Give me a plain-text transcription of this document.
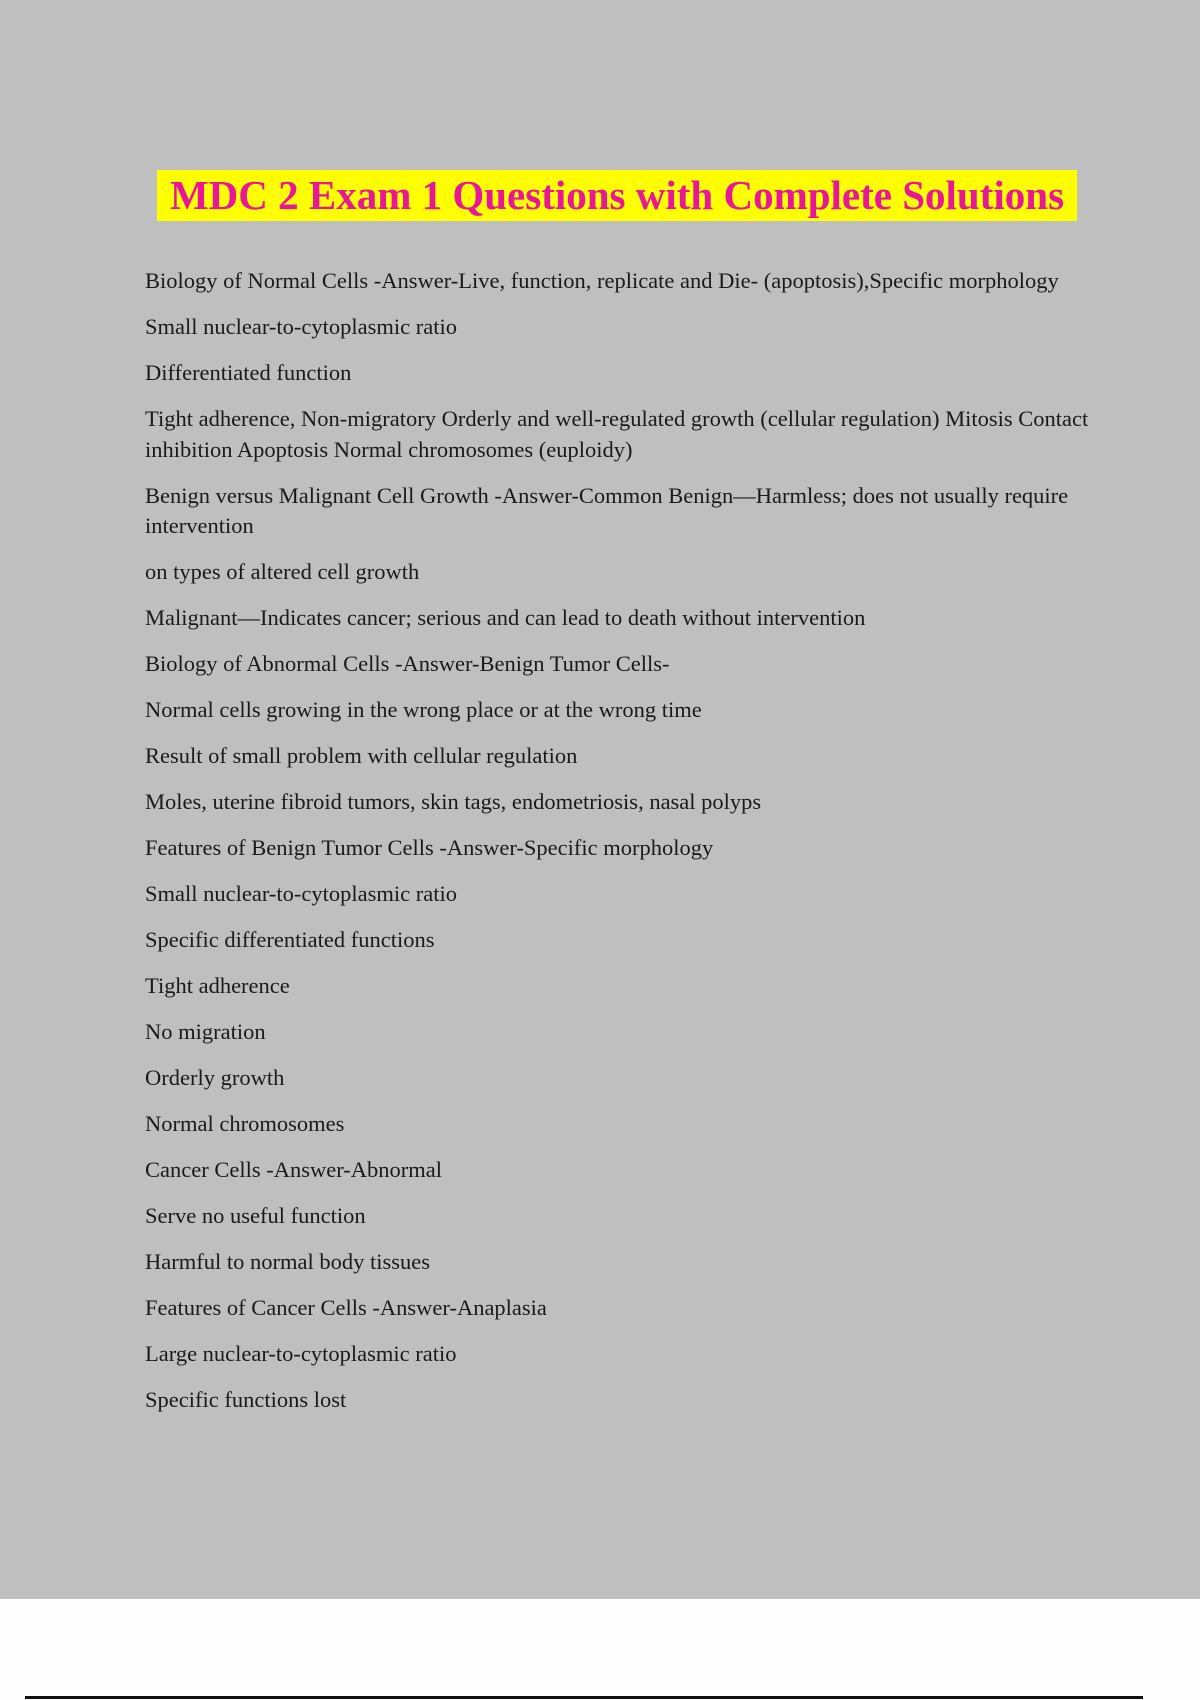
MDC 2 Exam 1 Questions with Complete Solutions

Biology of Normal Cells -Answer-Live, function, replicate and Die- (apoptosis),Specific morphology

Small nuclear-to-cytoplasmic ratio

Differentiated function

Tight adherence, Non-migratory Orderly and well-regulated growth (cellular regulation) Mitosis Contact inhibition Apoptosis Normal chromosomes (euploidy)

Benign versus Malignant Cell Growth -Answer-Common Benign—Harmless; does not usually require intervention

on types of altered cell growth

Malignant—Indicates cancer; serious and can lead to death without intervention

Biology of Abnormal Cells -Answer-Benign Tumor Cells-

Normal cells growing in the wrong place or at the wrong time

Result of small problem with cellular regulation

Moles, uterine fibroid tumors, skin tags, endometriosis, nasal polyps

Features of Benign Tumor Cells -Answer-Specific morphology

Small nuclear-to-cytoplasmic ratio

Specific differentiated functions

Tight adherence

No migration

Orderly growth

Normal chromosomes

Cancer Cells -Answer-Abnormal

Serve no useful function

Harmful to normal body tissues

Features of Cancer Cells -Answer-Anaplasia

Large nuclear-to-cytoplasmic ratio

Specific functions lost
